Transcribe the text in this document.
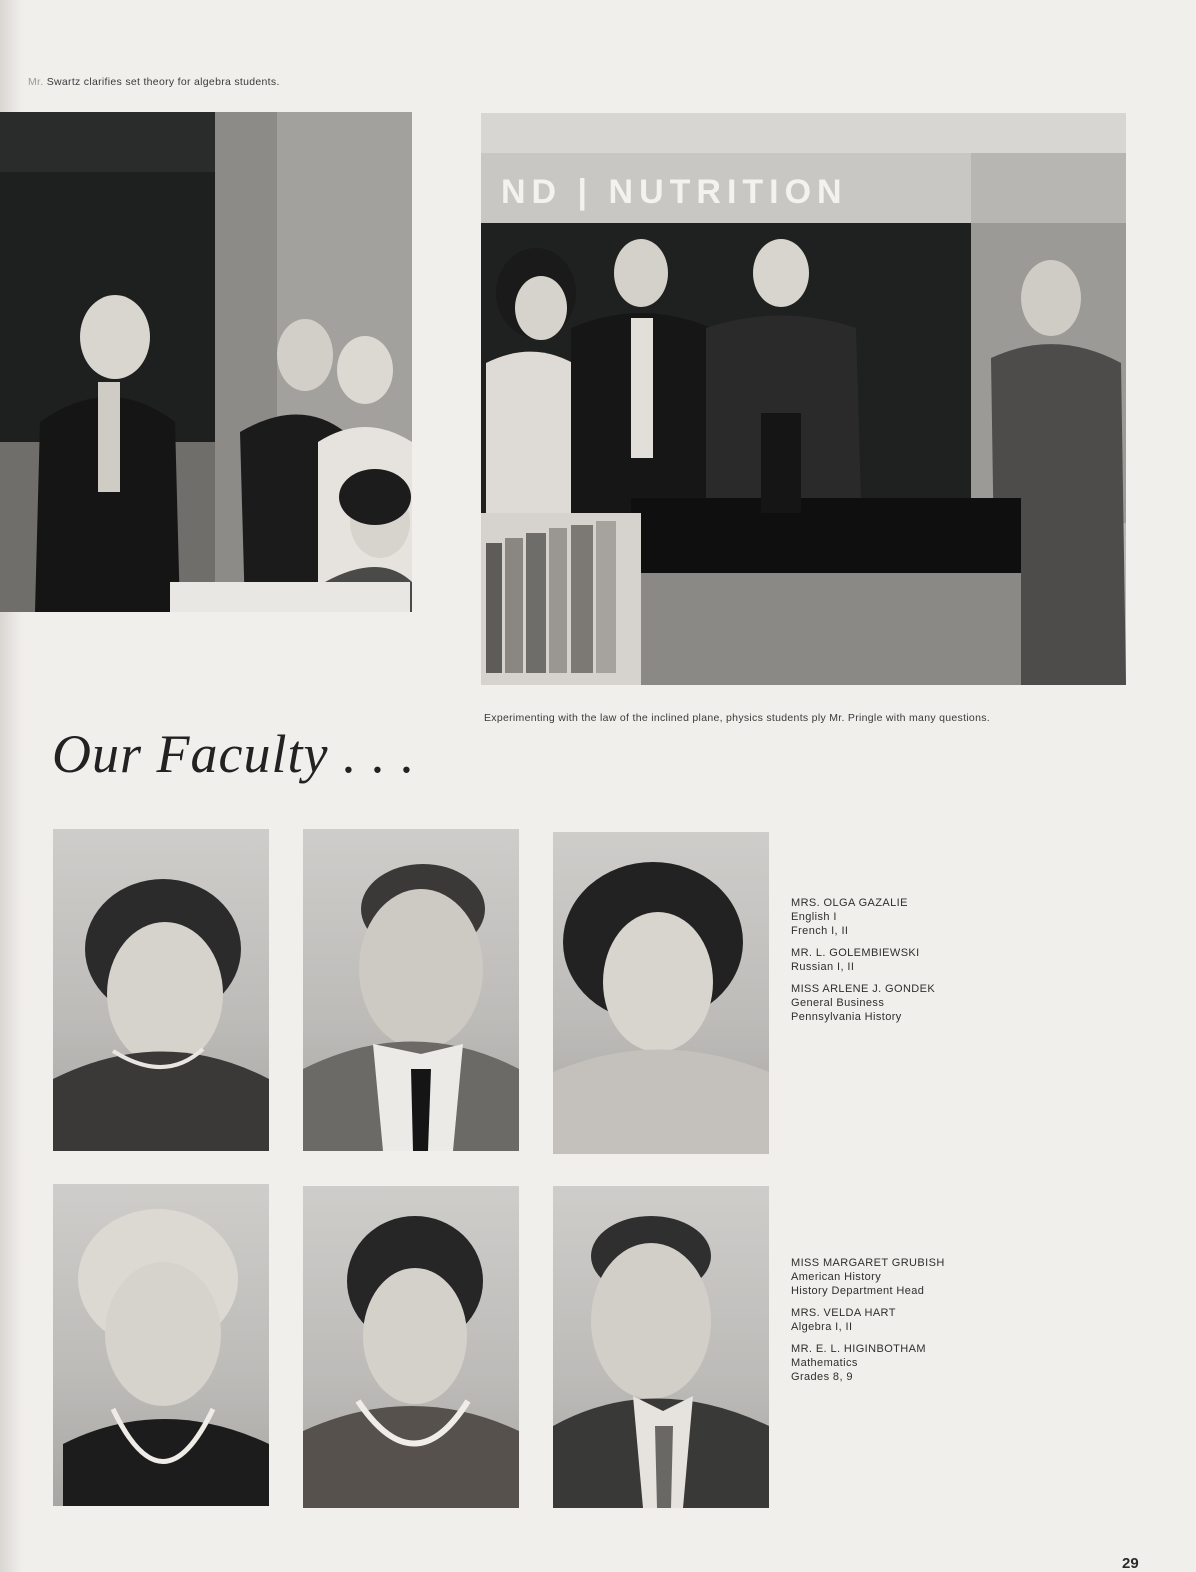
Mr. Swartz clarifies set theory for algebra students.
ND | NUTRITION
Experimenting with the law of the inclined plane, physics students ply Mr. Pringle with many questions.
Our Faculty . . .
MRS. OLGA GAZALIE
English I
French I, II
MR. L. GOLEMBIEWSKI
Russian I, II
MISS ARLENE J. GONDEK
General Business
Pennsylvania History
MISS MARGARET GRUBISH
American History
History Department Head
MRS. VELDA HART
Algebra I, II
MR. E. L. HIGINBOTHAM
Mathematics
Grades 8, 9
29
